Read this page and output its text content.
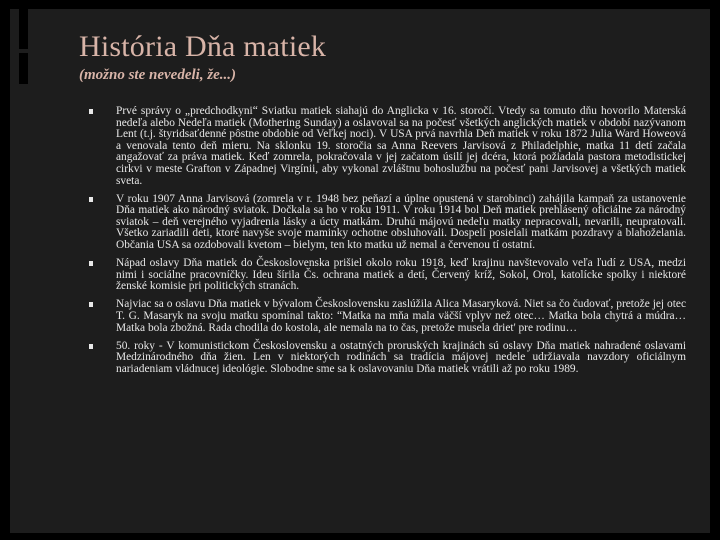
História Dňa matiek
(možno ste nevedeli, že...)
Prvé správy o „predchodkyni“ Sviatku matiek siahajú do Anglicka v 16. storočí. Vtedy sa tomuto dňu hovorilo Materská nedeľa alebo Nedeľa matiek (Mothering Sunday) a oslavoval sa na počesť všetkých anglických matiek v období nazývanom Lent (t.j. štyridsaťdenné pôstne obdobie od Veľkej noci). V USA prvá navrhla Deň matiek v roku 1872 Julia Ward Howeová a venovala tento deň mieru. Na sklonku 19. storočia sa Anna Reevers Jarvisová z Philadelphie, matka 11 detí začala angažovať za práva matiek. Keď zomrela, pokračovala v jej začatom úsilí jej dcéra, ktorá požiadala pastora metodistickej cirkvi v meste Grafton v Západnej Virgínii, aby vykonal zvláštnu bohoslužbu na počesť pani Jarvisovej a všetkých matiek sveta.
V roku 1907 Anna Jarvisová (zomrela v r. 1948 bez peňazí a úplne opustená v starobinci) zahájila kampaň za ustanovenie Dňa matiek ako národný sviatok. Dočkala sa ho v roku 1911. V roku 1914 bol Deň matiek prehlásený oficiálne za národný sviatok – deň verejného vyjadrenia lásky a úcty matkám. Druhú májovú nedeľu matky nepracovali, nevarili, neupratovali. Všetko zariadili deti, ktoré navyše svoje maminky ochotne obsluhovali. Dospelí posielali matkám pozdravy a blahoželania. Občania USA sa ozdobovali kvetom – bielym, ten kto matku už nemal a červenou tí ostatní.
Nápad oslavy Dňa matiek do Československa prišiel okolo roku 1918, keď krajinu navštevovalo veľa ľudí z USA, medzi nimi i sociálne pracovníčky. Ideu šírila Čs. ochrana matiek a detí, Červený kríž, Sokol, Orol, katolícke spolky i niektoré ženské komisie pri politických stranách.
Najviac sa o oslavu Dňa matiek v bývalom Československu zaslúžila Alica Masaryková. Niet sa čo čudovať, pretože jej otec T. G. Masaryk na svoju matku spomínal takto: “Matka na mňa mala väčší vplyv než otec… Matka bola chytrá a múdra… Matka bola zbožná. Rada chodila do kostola, ale nemala na to čas, pretože musela driet' pre rodinu…
50. roky - V komunistickom Československu a ostatných proruských krajinách sú oslavy Dňa matiek nahradené oslavami Medzinárodného dňa žien. Len v niektorých rodinách sa tradícia májovej nedele udržiavala navzdory oficiálnym nariadeniam vládnucej ideológie. Slobodne sme sa k oslavovaniu Dňa matiek vrátili až po roku 1989.
